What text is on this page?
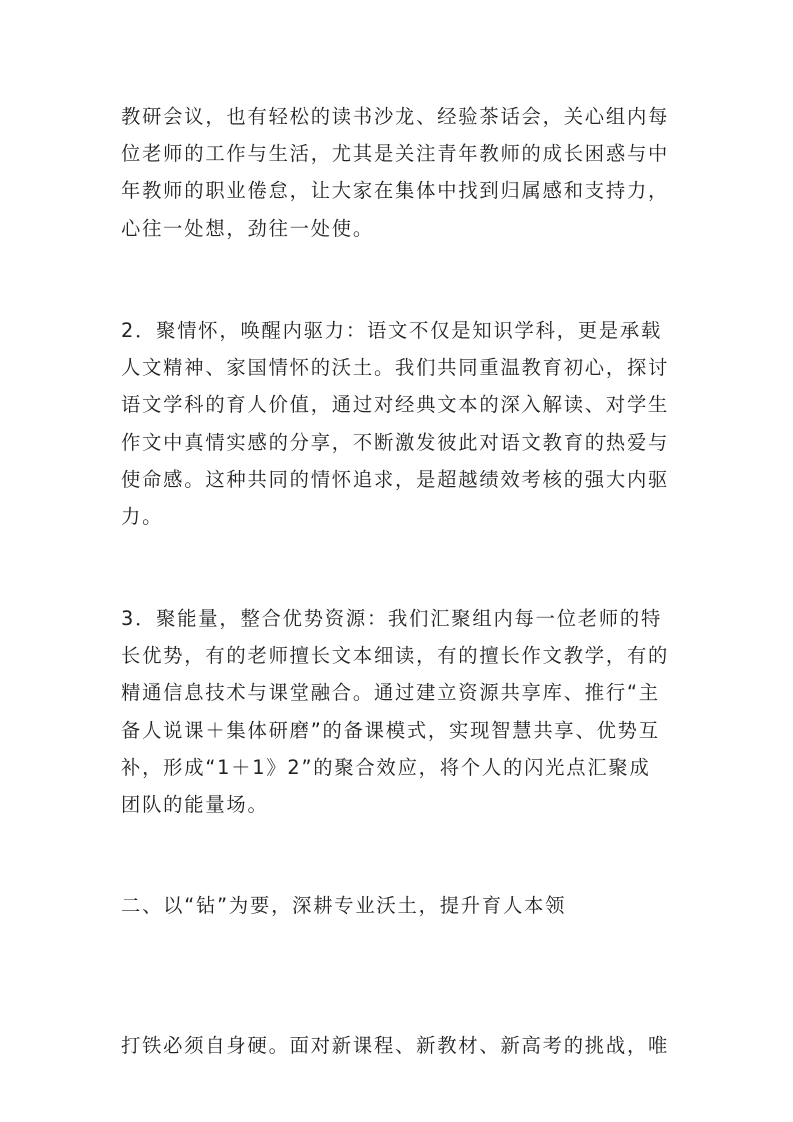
教研会议，也有轻松的读书沙龙、经验茶话会，关心组内每
位老师的工作与生活，尤其是关注青年教师的成长困惑与中
年教师的职业倦怠，让大家在集体中找到归属感和支持力，
心往一处想，劲往一处使。

2．聚情怀，唤醒内驱力：语文不仅是知识学科，更是承载
人文精神、家国情怀的沃土。我们共同重温教育初心，探讨
语文学科的育人价值，通过对经典文本的深入解读、对学生
作文中真情实感的分享，不断激发彼此对语文教育的热爱与
使命感。这种共同的情怀追求，是超越绩效考核的强大内驱
力。

3．聚能量，整合优势资源：我们汇聚组内每一位老师的特
长优势，有的老师擅长文本细读，有的擅长作文教学，有的
精通信息技术与课堂融合。通过建立资源共享库、推行“主
备人说课＋集体研磨”的备课模式，实现智慧共享、优势互
补，形成“1＋1》2”的聚合效应，将个人的闪光点汇聚成
团队的能量场。

二、以“钻”为要，深耕专业沃土，提升育人本领

打铁必须自身硬。面对新课程、新教材、新高考的挑战，唯
